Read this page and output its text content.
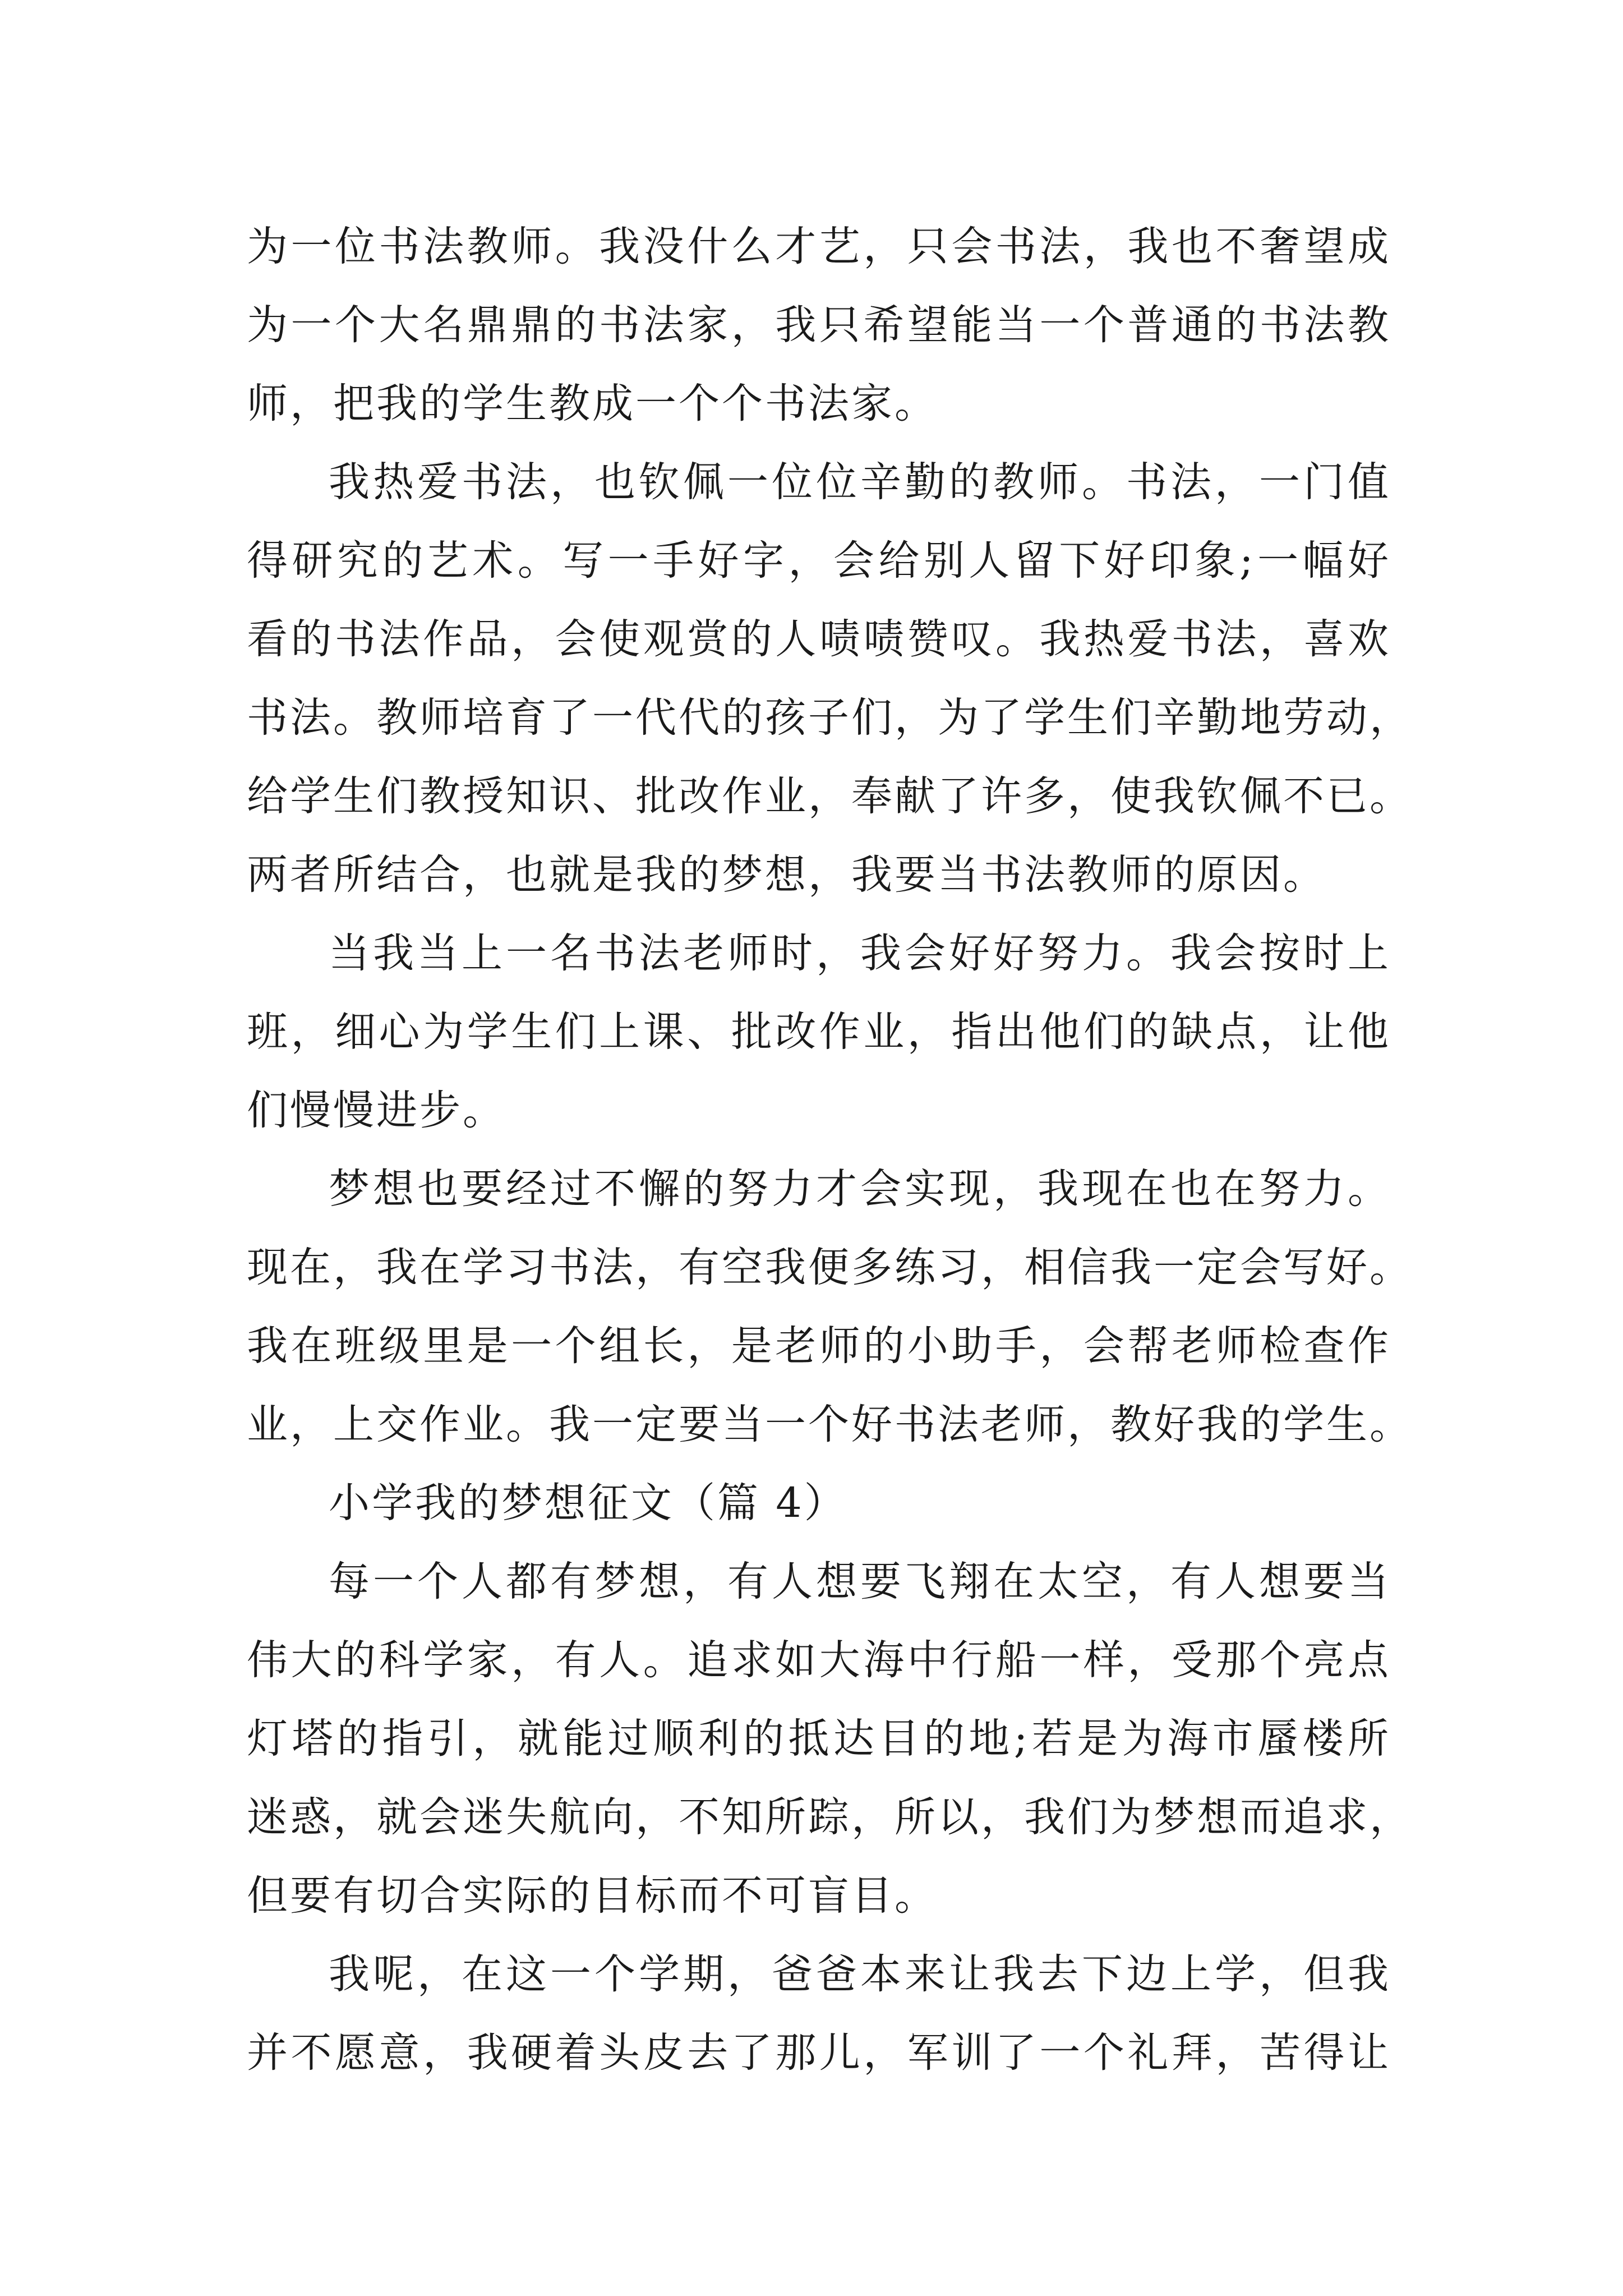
为一位书法教师。我没什么才艺，只会书法，我也不奢望成
为一个大名鼎鼎的书法家，我只希望能当一个普通的书法教
师，把我的学生教成一个个书法家。
我热爱书法，也钦佩一位位辛勤的教师。书法，一门值
得研究的艺术。写一手好字，会给别人留下好印象;一幅好
看的书法作品，会使观赏的人啧啧赞叹。我热爱书法，喜欢
书法。教师培育了一代代的孩子们，为了学生们辛勤地劳动，
给学生们教授知识、批改作业，奉献了许多，使我钦佩不已。
两者所结合，也就是我的梦想，我要当书法教师的原因。
当我当上一名书法老师时，我会好好努力。我会按时上
班，细心为学生们上课、批改作业，指出他们的缺点，让他
们慢慢进步。
梦想也要经过不懈的努力才会实现，我现在也在努力。
现在，我在学习书法，有空我便多练习，相信我一定会写好。
我在班级里是一个组长，是老师的小助手，会帮老师检查作
业，上交作业。我一定要当一个好书法老师，教好我的学生。
小学我的梦想征文（篇 4）
每一个人都有梦想，有人想要飞翔在太空，有人想要当
伟大的科学家，有人。追求如大海中行船一样，受那个亮点
灯塔的指引，就能过顺利的抵达目的地;若是为海市蜃楼所
迷惑，就会迷失航向，不知所踪，所以，我们为梦想而追求，
但要有切合实际的目标而不可盲目。
我呢，在这一个学期，爸爸本来让我去下边上学，但我
并不愿意，我硬着头皮去了那儿，军训了一个礼拜，苦得让
